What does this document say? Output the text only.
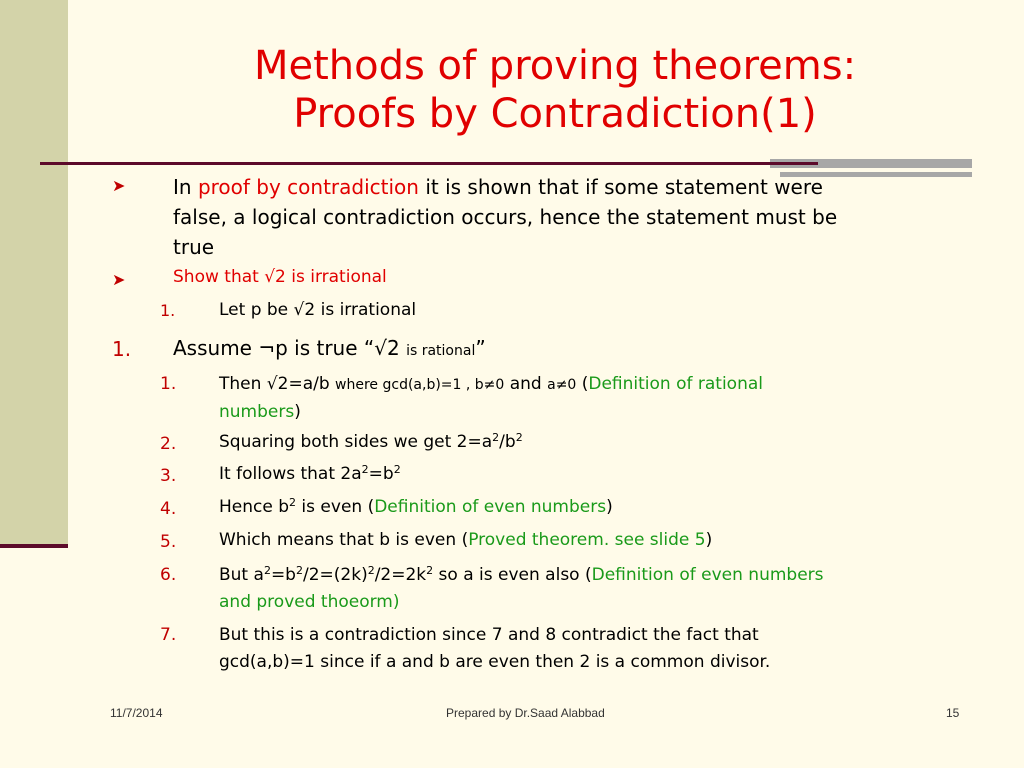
Methods of proving theorems:
Proofs by Contradiction(1)
➤ In proof by contradiction it is shown that if some statement were
false, a logical contradiction occurs, hence the statement must be
true
➤	Show that √2 is irrational
1.	Let p be √2 is irrational
1. Assume ¬p is true “√2 is rational”
1.	Then √2=a/b where gcd(a,b)=1 , b≠0 and a≠0 (Definition of rational
numbers)
2.	Squaring both sides we get $2=a^2/b^2$
3.	It follows that $2a^2=b^2$
4.	Hence $b^2$ is even (Definition of even numbers)
5.	Which means that b is even (Proved theorem. see slide 5)
6.	But $a^2=b^2/2=(2k)^2/2=2k^2$ so a is even also (Definition of even numbers
and proved thoeorm)
7.	But this is a contradiction since 7 and 8 contradict the fact that
gcd(a,b)=1 since if a and b are even then 2 is a common divisor.
11/7/2014	Prepared by Dr.Saad Alabbad	15
